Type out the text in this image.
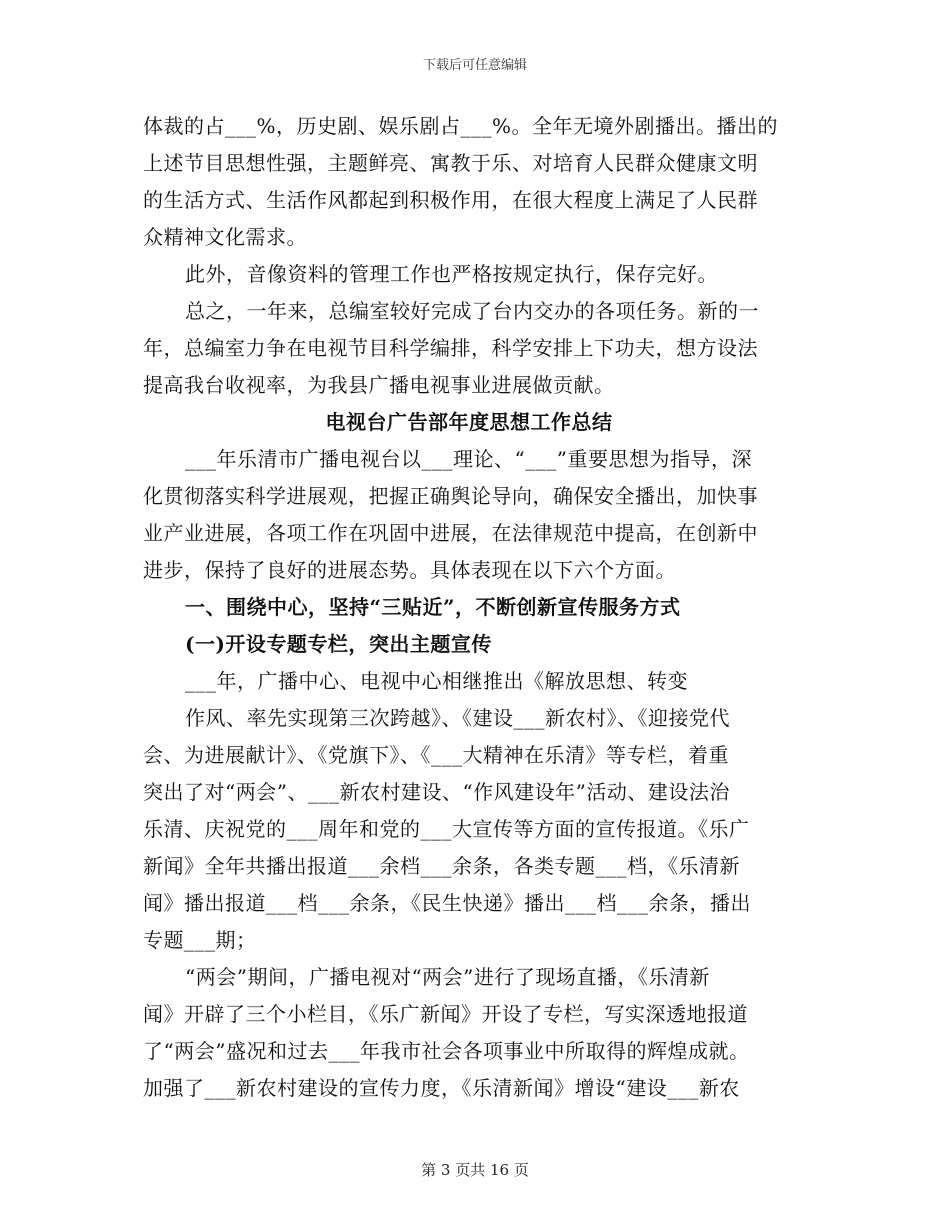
下载后可任意编辑
体裁的占___%，历史剧、娱乐剧占___%。全年无境外剧播出。播出的
上述节目思想性强，主题鲜亮、寓教于乐、对培育人民群众健康文明
的生活方式、生活作风都起到积极作用，在很大程度上满足了人民群
众精神文化需求。
此外，音像资料的管理工作也严格按规定执行，保存完好。
总之，一年来，总编室较好完成了台内交办的各项任务。新的一
年，总编室力争在电视节目科学编排，科学安排上下功夫，想方设法
提高我台收视率，为我县广播电视事业进展做贡献。
电视台广告部年度思想工作总结
___年乐清市广播电视台以___理论、“___”重要思想为指导，深
化贯彻落实科学进展观，把握正确舆论导向，确保安全播出，加快事
业产业进展，各项工作在巩固中进展，在法律规范中提高，在创新中
进步，保持了良好的进展态势。具体表现在以下六个方面。
一、围绕中心，坚持“三贴近”，不断创新宣传服务方式
(一)开设专题专栏，突出主题宣传
___年，广播中心、电视中心相继推出《解放思想、转变
作风、率先实现第三次跨越》、《建设___新农村》、《迎接党代
会、为进展献计》、《党旗下》、《___大精神在乐清》等专栏，着重
突出了对“两会”、___新农村建设、“作风建设年”活动、建设法治
乐清、庆祝党的___周年和党的___大宣传等方面的宣传报道。《乐广
新闻》全年共播出报道___余档___余条，各类专题___档，《乐清新
闻》播出报道___档___余条，《民生快递》播出___档___余条，播出
专题___期；
“两会”期间，广播电视对“两会”进行了现场直播，《乐清新
闻》开辟了三个小栏目，《乐广新闻》开设了专栏，写实深透地报道
了“两会”盛况和过去___年我市社会各项事业中所取得的辉煌成就。
加强了___新农村建设的宣传力度，《乐清新闻》增设“建设___新农
第 3 页共 16 页
